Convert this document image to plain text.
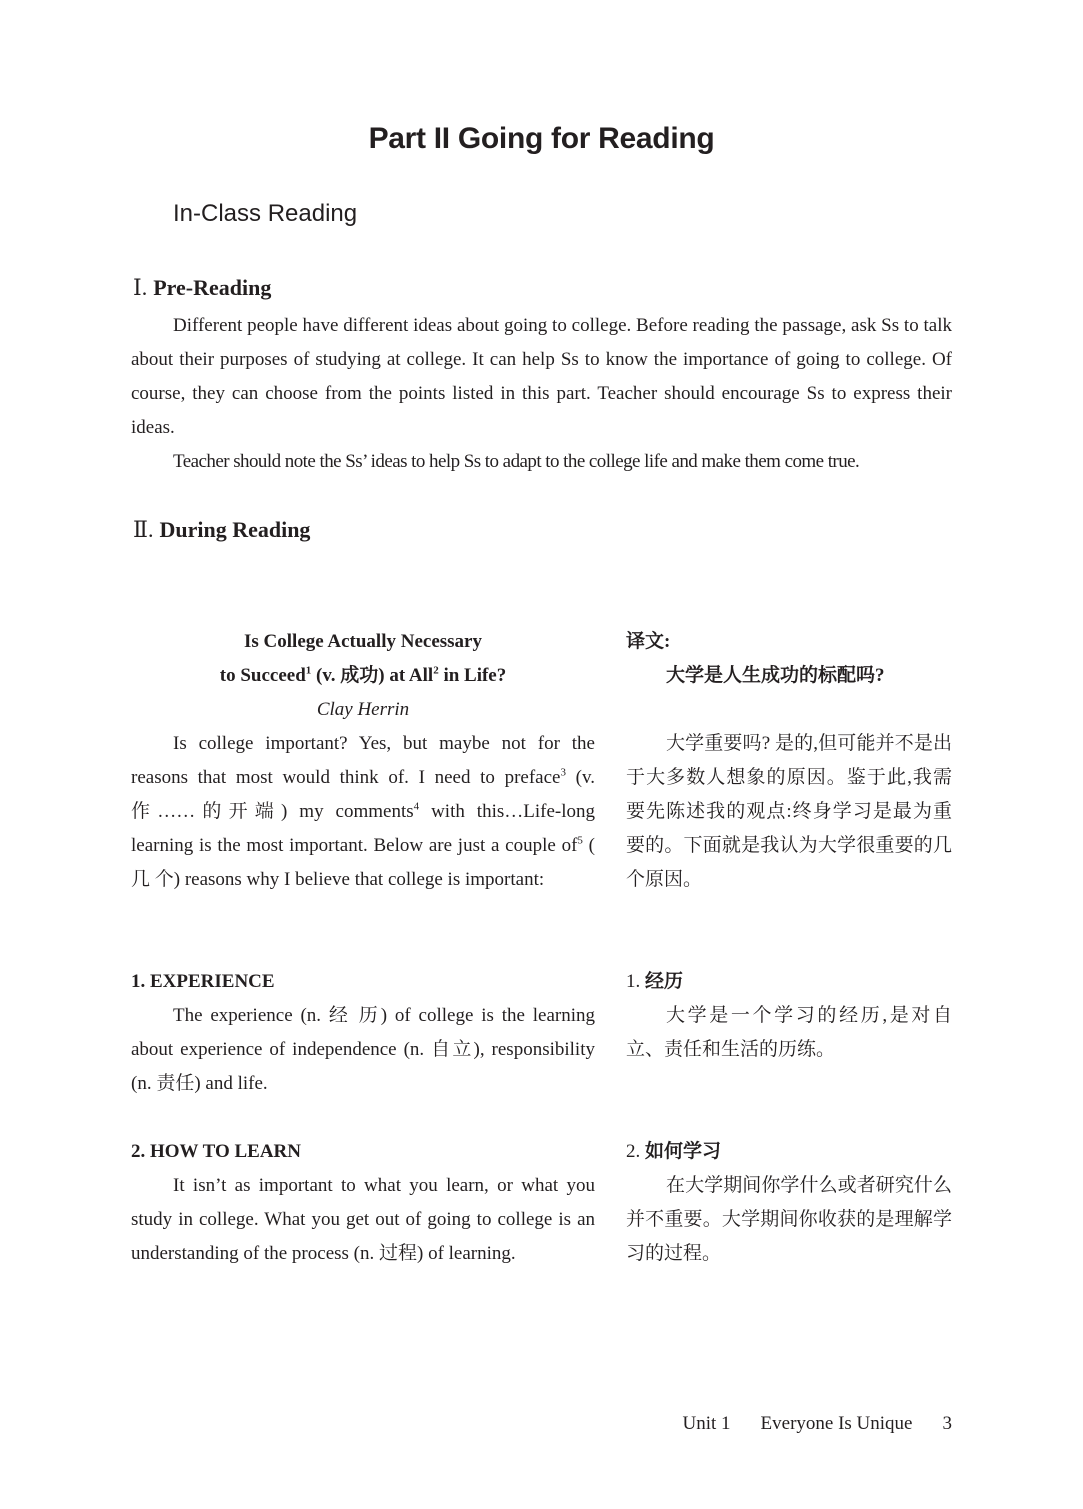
Part II Going for Reading
In-Class Reading
Ⅰ. Pre-Reading

Different people have different ideas about going to college. Before reading the passage, ask Ss to talk about their purposes of studying at college. It can help Ss to know the importance of going to college. Of course, they can choose from the points listed in this part. Teacher should encourage Ss to express their ideas.

Teacher should note the Ss’ ideas to help Ss to adapt to the college life and make them come true.

Ⅱ. During Reading

Is College Actually Necessary

to Succeed$^1$ (v. 成功) at All$^2$ in Life?

Clay Herrin

Is college important? Yes, but maybe not for the reasons that most would think of. I need to preface$^3$ (v. 作……的开端) my comments$^4$ with this…Life-long learning is the most important. Below are just a couple $of^5$ ( 几 个) reasons why I believe that college is important:

1. EXPERIENCE

The experience (n. 经 历) of college is the learning about experience of independence (n. 自立), responsibility (n. 责任) and life.

2. HOW TO LEARN

It isn’t as important to what you learn, or what you study in college. What you get out of going to college is an understanding of the process (n. 过程) of learning.

译文:

大学是人生成功的标配吗?

大学重要吗? 是的,但可能并不是出于大多数人想象的原因。鉴于此,我需要先陈述我的观点:终身学习是最为重要的。下面就是我认为大学很重要的几个原因。

1. 经历

大学是一个学习的经历,是对自立、责任和生活的历练。

2. 如何学习

在大学期间你学什么或者研究什么并不重要。大学期间你收获的是理解学习的过程。

Unit 1 Everyone Is Unique 3
